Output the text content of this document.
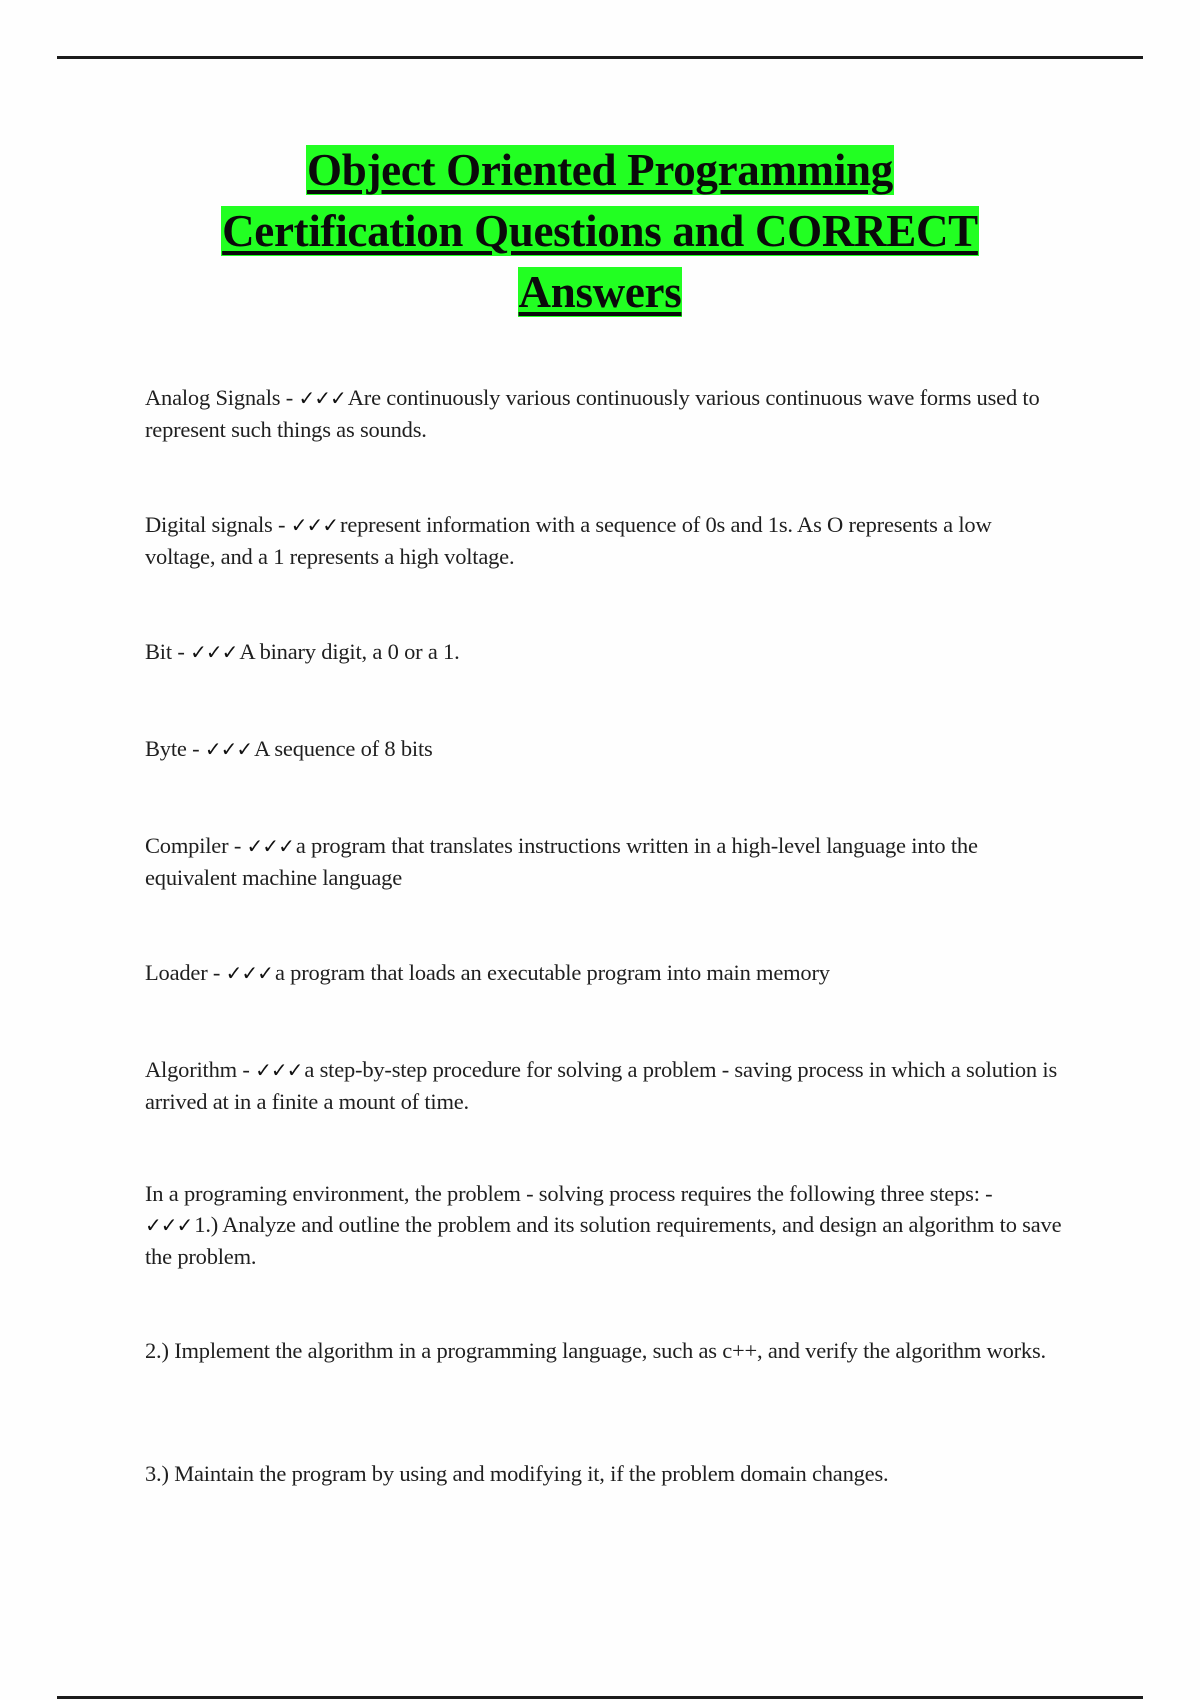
Object Oriented Programming
Certification Questions and CORRECT
Answers

Analog Signals - ✓✓✓Are continuously various continuously various continuous wave forms used to represent such things as sounds.

Digital signals - ✓✓✓represent information with a sequence of 0s and 1s. As O represents a low voltage, and a 1 represents a high voltage.

Bit - ✓✓✓A binary digit, a 0 or a 1.

Byte - ✓✓✓A sequence of 8 bits

Compiler - ✓✓✓a program that translates instructions written in a high-level language into the equivalent machine language

Loader - ✓✓✓a program that loads an executable program into main memory

Algorithm - ✓✓✓a step-by-step procedure for solving a problem - saving process in which a solution is arrived at in a finite a mount of time.

In a programing environment, the problem - solving process requires the following three steps: - ✓✓✓1.) Analyze and outline the problem and its solution requirements, and design an algorithm to save the problem.

2.) Implement the algorithm in a programming language, such as c++, and verify the algorithm works.

3.) Maintain the program by using and modifying it, if the problem domain changes.
